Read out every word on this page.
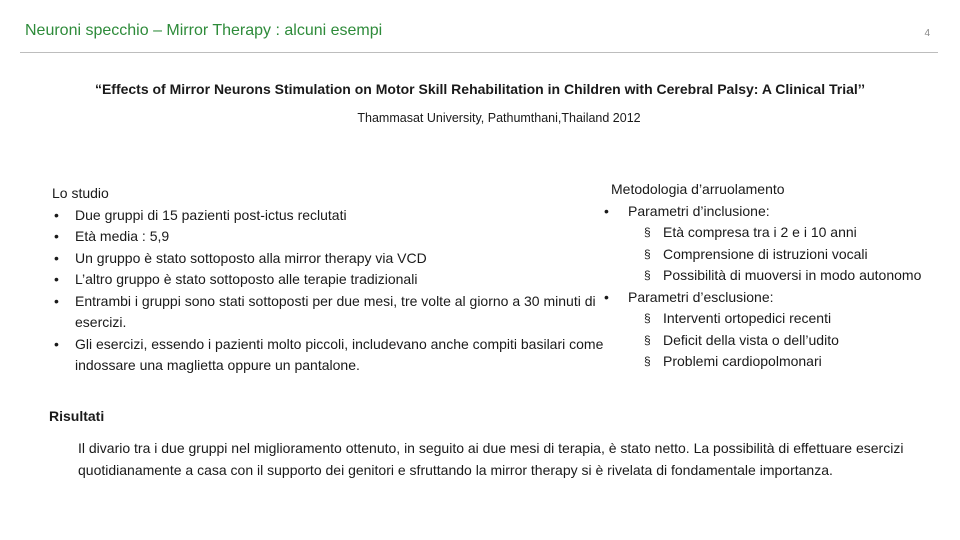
Neuroni specchio – Mirror Therapy : alcuni esempi	4
“Effects of Mirror Neurons Stimulation on Motor Skill Rehabilitation in Children with Cerebral Palsy: A Clinical Trial’’
Thammasat University, Pathumthani,Thailand 2012
Lo studio
• Due gruppi di 15 pazienti post-ictus reclutati
• Età media : 5,9
• Un gruppo è stato sottoposto alla mirror therapy via VCD
• L’altro gruppo è stato sottoposto alle terapie tradizionali
• Entrambi i gruppi sono stati sottoposti per due mesi, tre volte al giorno a 30 minuti di esercizi.
• Gli esercizi, essendo i pazienti molto piccoli, includevano anche compiti basilari come indossare una maglietta oppure un pantalone.
Metodologia d’arruolamento
• Parametri d’inclusione:
§ Età compresa tra i 2 e i 10 anni
§ Comprensione di istruzioni vocali
§ Possibilità di muoversi in modo autonomo
• Parametri d’esclusione:
§ Interventi ortopedici recenti
§ Deficit della vista o dell’udito
§ Problemi cardiopolmonari
Risultati
Il divario tra i due gruppi nel miglioramento ottenuto, in seguito ai due mesi di terapia, è stato netto. La possibilità di effettuare esercizi quotidianamente a casa con il supporto dei genitori e sfruttando la mirror therapy si è rivelata di fondamentale importanza.
